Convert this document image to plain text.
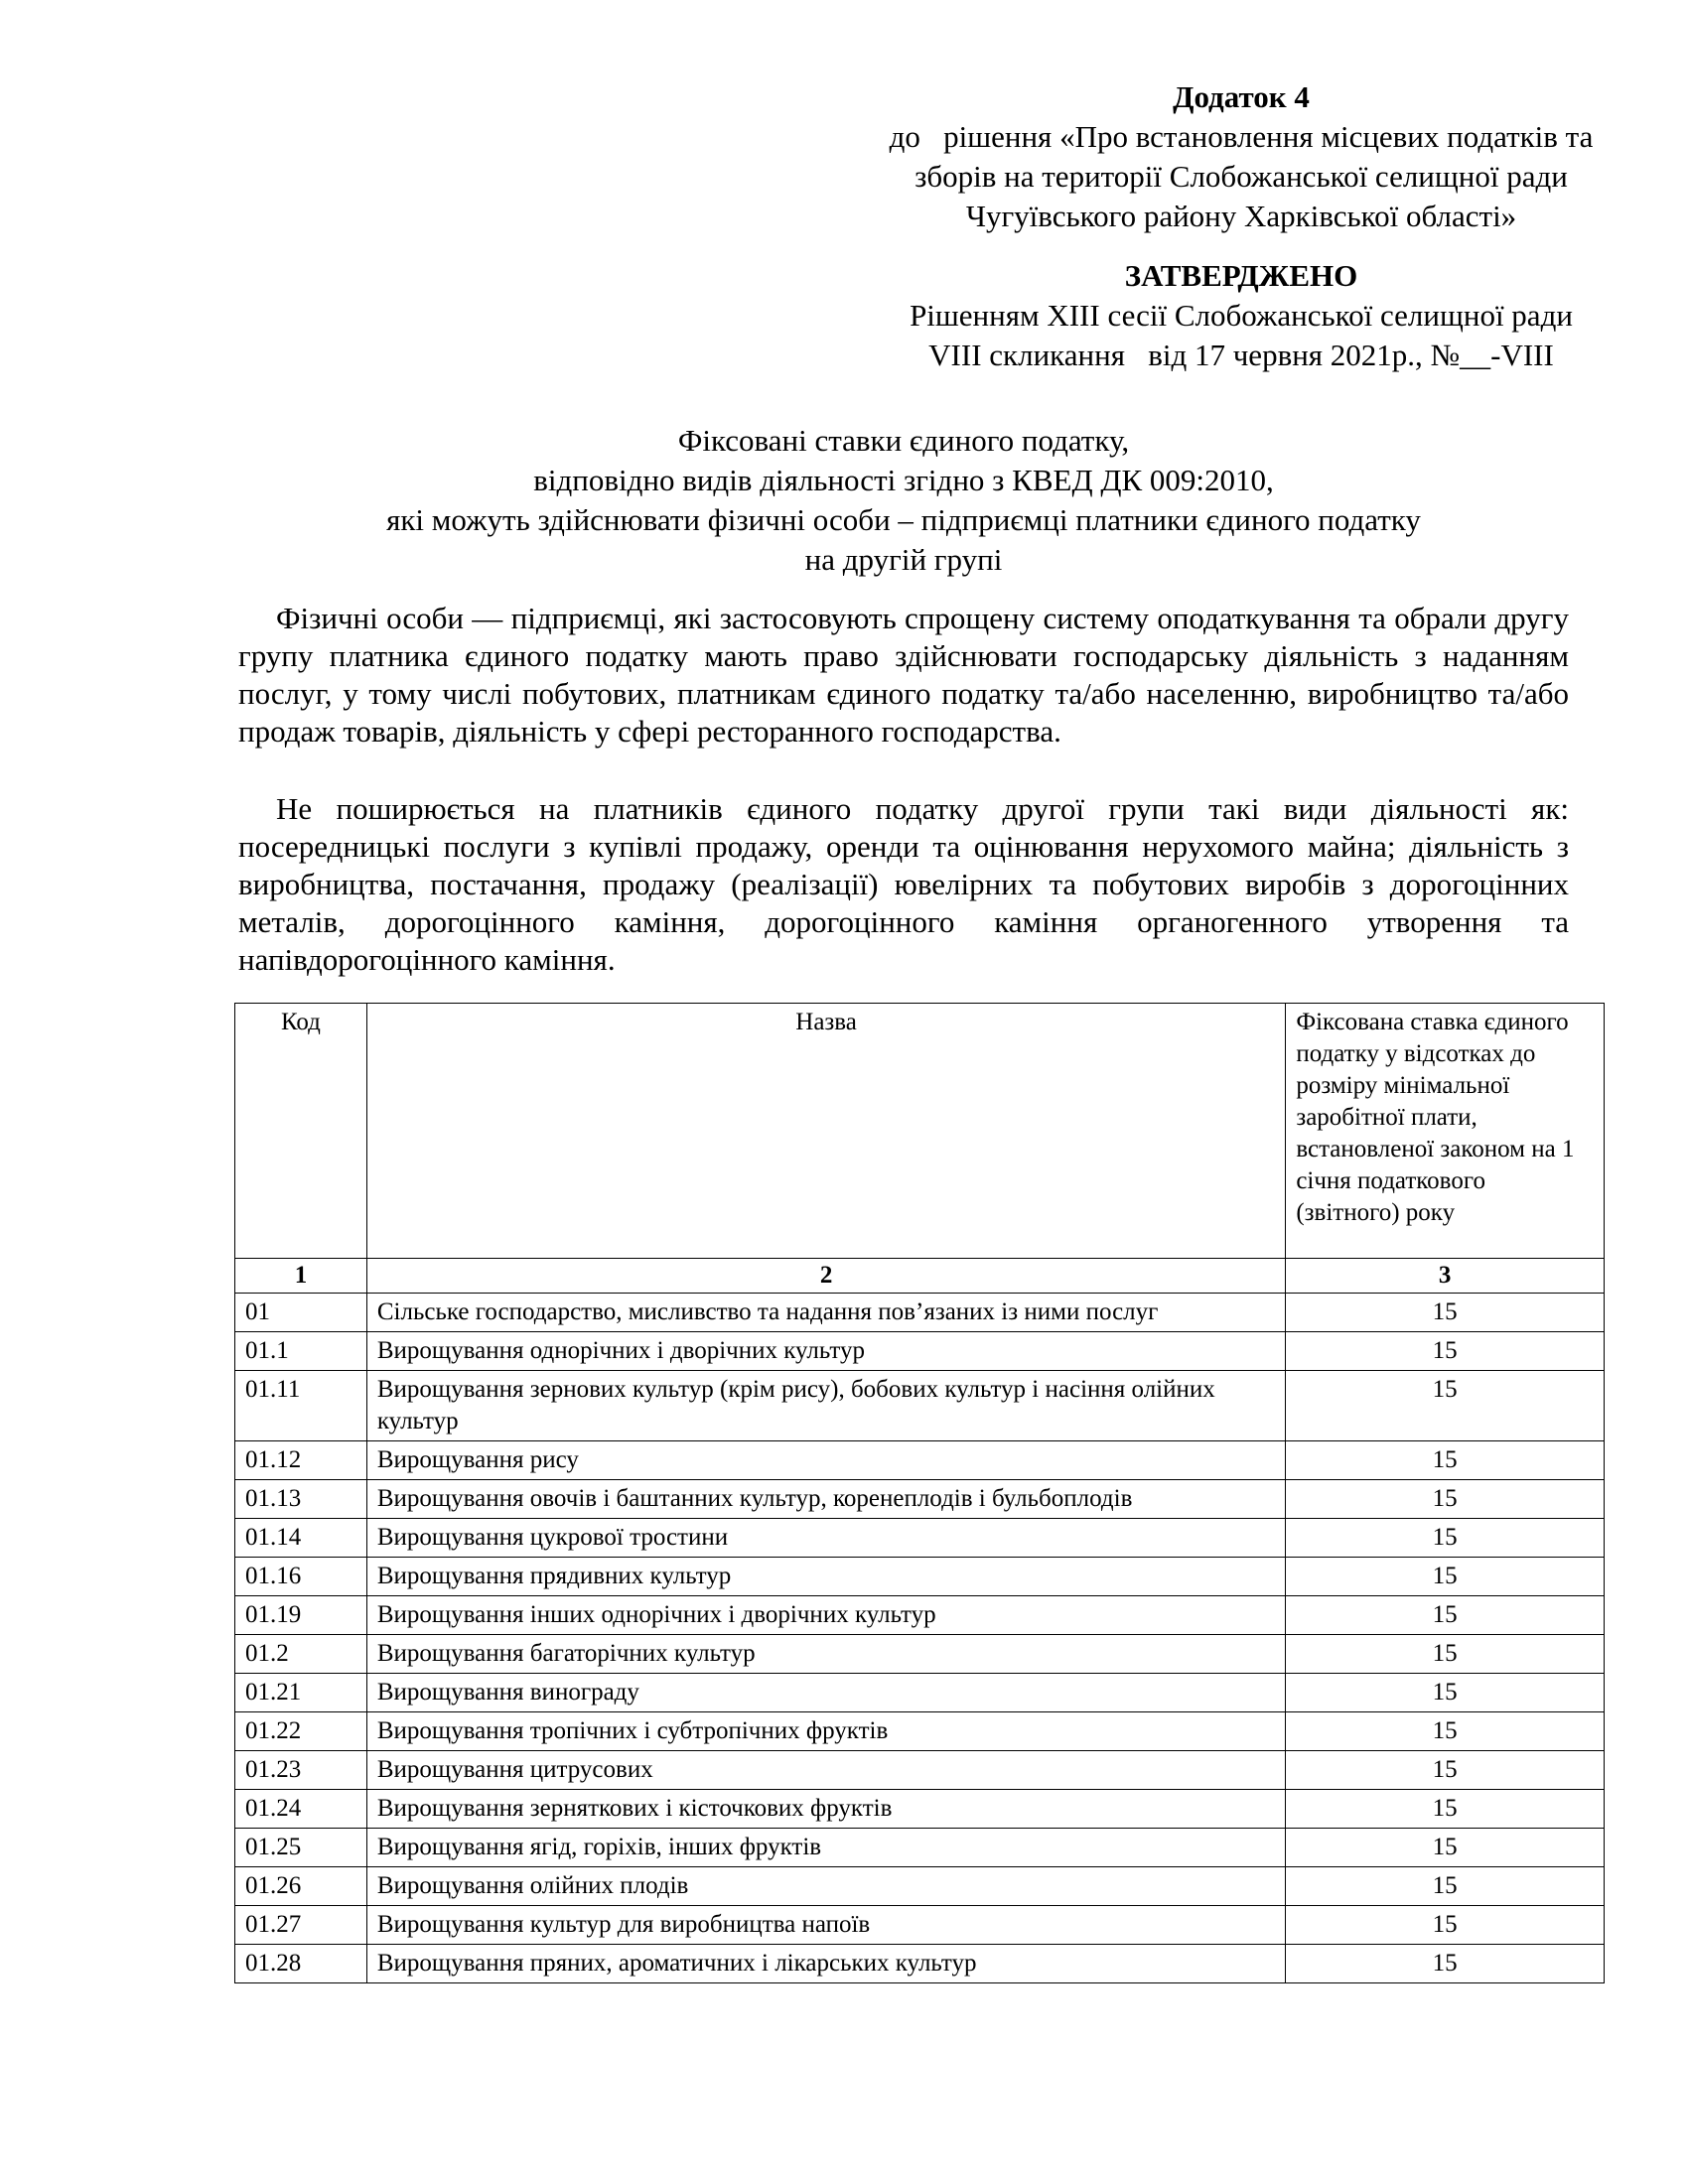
Додаток 4
до   рішення «Про встановлення місцевих податків та
зборів на території Слобожанської селищної ради
Чугуївського району Харківської області»
ЗАТВЕРДЖЕНО
Рішенням XIII сесії Слобожанської селищної ради
VIII скликання   від 17 червня 2021р., №__-VIII
Фіксовані ставки єдиного податку,
відповідно видів діяльності згідно з КВЕД ДК 009:2010,
які можуть здійснювати фізичні особи – підприємці платники єдиного податку
на другій групі

Фізичні особи — підприємці, які застосовують спрощену систему оподаткування та обрали другу групу платника єдиного податку мають право здійснювати господарську діяльність з наданням послуг, у тому числі побутових, платникам єдиного податку та/або населенню, виробництво та/або продаж товарів, діяльність у сфері ресторанного господарства.

Не поширюється на платників єдиного податку другої групи такі види діяльності як: посередницькі послуги з купівлі продажу, оренди та оцінювання нерухомого майна; діяльність з виробництва, постачання, продажу (реалізації) ювелірних та побутових виробів з дорогоцінних металів, дорогоцінного каміння, дорогоцінного каміння органогенного утворення та напівдорогоцінного каміння.

Код	Назва	Фіксована ставка єдиного податку у відсотках до розміру мінімальної заробітної плати, встановленої законом на 1 січня податкового (звітного) року
1	2	3
01	Сільське господарство, мисливство та надання пов’язаних із ними послуг	15
01.1	Вирощування однорічних і дворічних культур	15
01.11	Вирощування зернових культур (крім рису), бобових культур і насіння олійних культур	15
01.12	Вирощування рису	15
01.13	Вирощування овочів і баштанних культур, коренеплодів і бульбоплодів	15
01.14	Вирощування цукрової тростини	15
01.16	Вирощування прядивних культур	15
01.19	Вирощування інших однорічних і дворічних культур	15
01.2	Вирощування багаторічних культур	15
01.21	Вирощування винограду	15
01.22	Вирощування тропічних і субтропічних фруктів	15
01.23	Вирощування цитрусових	15
01.24	Вирощування зерняткових і кісточкових фруктів	15
01.25	Вирощування ягід, горіхів, інших фруктів	15
01.26	Вирощування олійних плодів	15
01.27	Вирощування культур для виробництва напоїв	15
01.28	Вирощування пряних, ароматичних і лікарських культур	15
